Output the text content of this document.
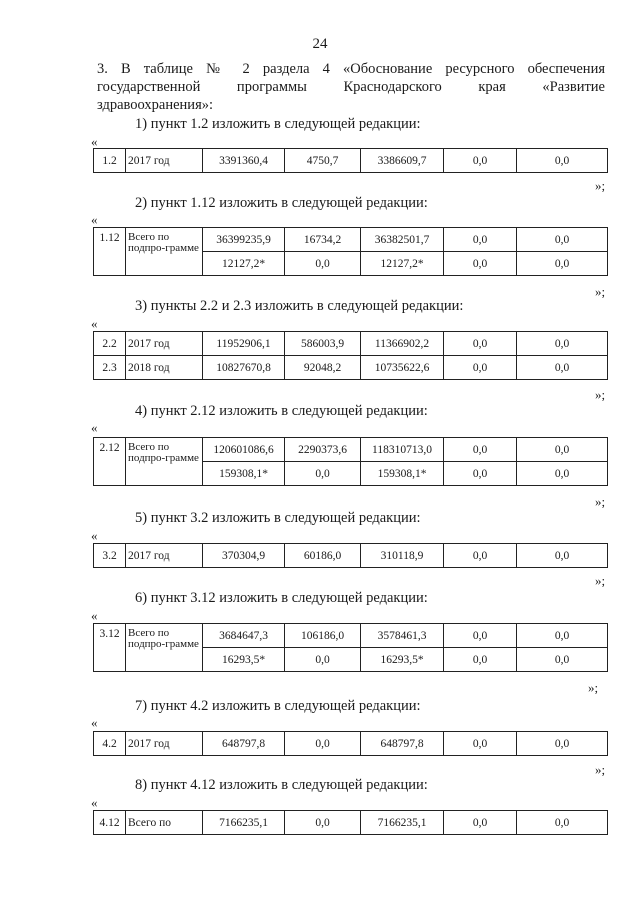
24
3. В таблице № 2 раздела 4 «Обоснование ресурсного обеспечения
государственной программы Краснодарского края «Развитие
здравоохранения»:
1) пункт 1.2 изложить в следующей редакции:
«
1.2	2017 год	3391360,4	4750,7	3386609,7	0,0	0,0
»;
2) пункт 1.12 изложить в следующей редакции:
«
1.12	Всего по подпро-грамме	36399235,9	16734,2	36382501,7	0,0	0,0
		12127,2*	0,0	12127,2*	0,0	0,0
»;
3) пункты 2.2 и 2.3 изложить в следующей редакции:
«
2.2	2017 год	11952906,1	586003,9	11366902,2	0,0	0,0
2.3	2018 год	10827670,8	92048,2	10735622,6	0,0	0,0
»;
4) пункт 2.12 изложить в следующей редакции:
«
2.12	Всего по подпро-грамме	120601086,6	2290373,6	118310713,0	0,0	0,0
		159308,1*	0,0	159308,1*	0,0	0,0
»;
5) пункт 3.2 изложить в следующей редакции:
«
3.2	2017 год	370304,9	60186,0	310118,9	0,0	0,0
»;
6) пункт 3.12 изложить в следующей редакции:
«
3.12	Всего по подпро-грамме	3684647,3	106186,0	3578461,3	0,0	0,0
		16293,5*	0,0	16293,5*	0,0	0,0
»;
7) пункт 4.2 изложить в следующей редакции:
«
4.2	2017 год	648797,8	0,0	648797,8	0,0	0,0
»;
8) пункт 4.12 изложить в следующей редакции:
«
4.12	Всего по	7166235,1	0,0	7166235,1	0,0	0,0
